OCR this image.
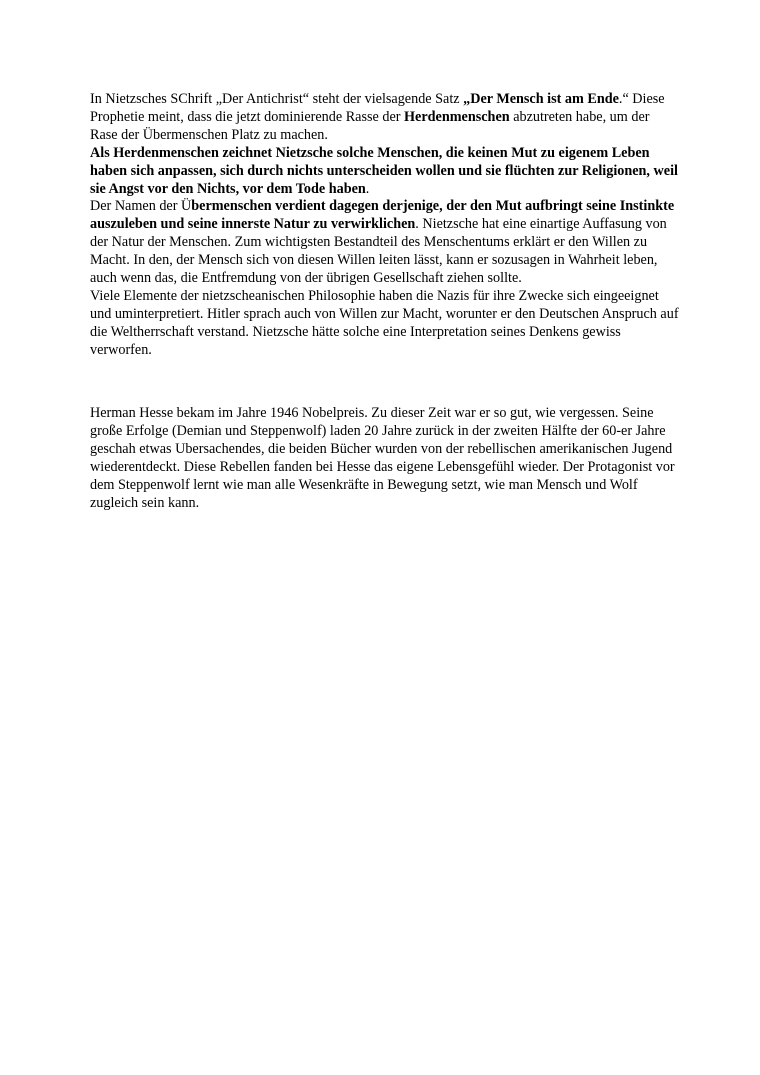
In Nietzsches SChrift „Der Antichrist“ steht der vielsagende Satz „Der Mensch ist am Ende.“ Diese Prophetie meint, dass die jetzt dominierende Rasse der Herdenmenschen abzutreten habe, um der Rase der Übermenschen Platz zu machen.

Als Herdenmenschen zeichnet Nietzsche solche Menschen, die keinen Mut zu eigenem Leben haben sich anpassen, sich durch nichts unterscheiden wollen und sie flüchten zur Religionen, weil sie Angst vor den Nichts, vor dem Tode haben.

Der Namen der Übermenschen verdient dagegen derjenige, der den Mut aufbringt seine Instinkte auszuleben und seine innerste Natur zu verwirklichen. Nietzsche hat eine einartige Auffasung von der Natur der Menschen. Zum wichtigsten Bestandteil des Menschentums erklärt er den Willen zu Macht. In den, der Mensch sich von diesen Willen leiten lässt, kann er sozusagen in Wahrheit leben, auch wenn das, die Entfremdung von der übrigen Gesellschaft ziehen sollte.

Viele Elemente der nietzscheanischen Philosophie haben die Nazis für ihre Zwecke sich eingeeignet und uminterpretiert. Hitler sprach auch von Willen zur Macht, worunter er den Deutschen Anspruch auf die Weltherrschaft verstand. Nietzsche hätte solche eine Interpretation seines Denkens gewiss verworfen.

Herman Hesse bekam im Jahre 1946 Nobelpreis. Zu dieser Zeit war er so gut, wie vergessen. Seine große Erfolge (Demian und Steppenwolf) laden 20 Jahre zurück in der zweiten Hälfte der 60-er Jahre geschah etwas Ubersachendes, die beiden Bücher wurden von der rebellischen amerikanischen Jugend wiederentdeckt. Diese Rebellen fanden bei Hesse das eigene Lebensgefühl wieder. Der Protagonist vor dem Steppenwolf lernt wie man alle Wesenkräfte in Bewegung setzt, wie man Mensch und Wolf zugleich sein kann.
